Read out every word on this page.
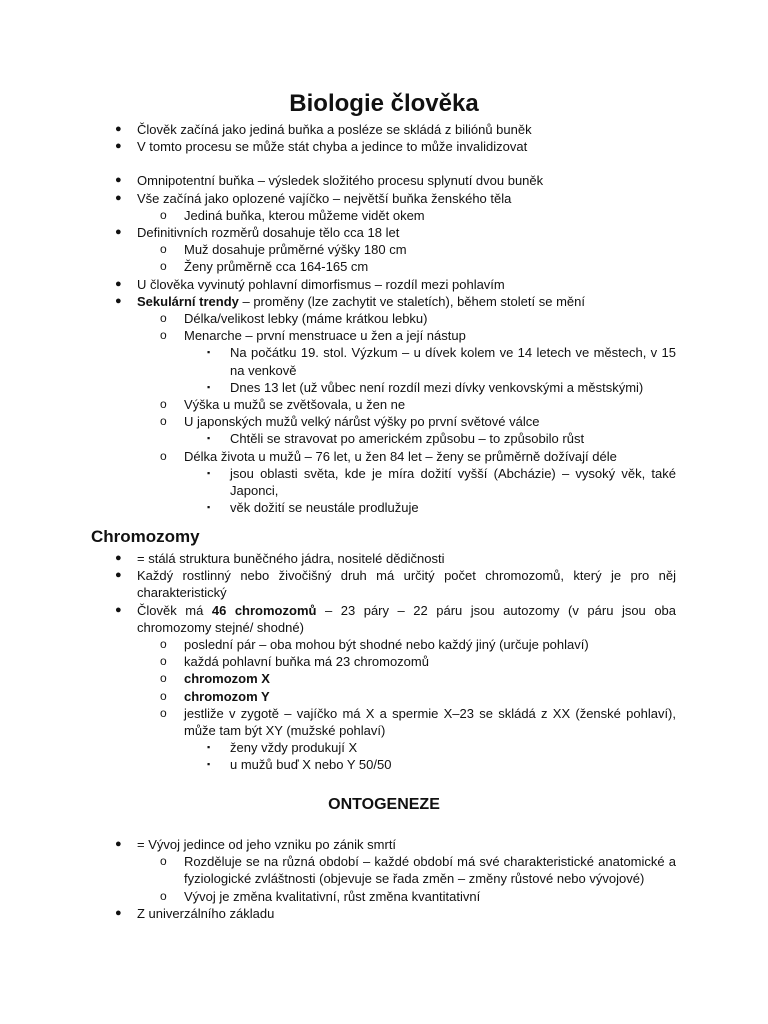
Biologie člověka
● Člověk začíná jako jediná buňka a posléze se skládá z biliónů buněk
● V tomto procesu se může stát chyba a jedince to může invalidizovat
● Omnipotentní buňka – výsledek složitého procesu splynutí dvou buněk
● Vše začíná jako oplozené vajíčko – největší buňka ženského těla
o Jediná buňka, kterou můžeme vidět okem
● Definitivních rozměrů dosahuje tělo cca 18 let
o Muž dosahuje průměrné výšky 180 cm
o Ženy průměrně cca 164-165 cm
● U člověka vyvinutý pohlavní dimorfismus – rozdíl mezi pohlavím
● Sekulární trendy – proměny (lze zachytit ve staletích), během století se mění
o Délka/velikost lebky (máme krátkou lebku)
o Menarche – první menstruace u žen a její nástup
▪ Na počátku 19. stol. Výzkum – u dívek kolem ve 14 letech ve městech, v 15 na venkově
▪ Dnes 13 let (už vůbec není rozdíl mezi dívky venkovskými a městskými)
o Výška u mužů se zvětšovala, u žen ne
o U japonských mužů velký nárůst výšky po první světové válce
▪ Chtěli se stravovat po americkém způsobu – to způsobilo růst
o Délka života u mužů – 76 let, u žen 84 let – ženy se průměrně dožívají déle
▪ jsou oblasti světa, kde je míra dožití vyšší (Abcházie) – vysoký věk, také Japonci,
▪ věk dožití se neustále prodlužuje
Chromozomy
● = stálá struktura buněčného jádra, nositelé dědičnosti
● Každý rostlinný nebo živočišný druh má určitý počet chromozomů, který je pro něj charakteristický
● Člověk má 46 chromozomů – 23 páry – 22 páru jsou autozomy (v páru jsou oba chromozomy stejné/ shodné)
o poslední pár – oba mohou být shodné nebo každý jiný (určuje pohlaví)
o každá pohlavní buňka má 23 chromozomů
o chromozom X
o chromozom Y
o jestliže v zygotě – vajíčko má X a spermie X–23 se skládá z XX (ženské pohlaví), může tam být XY (mužské pohlaví)
▪ ženy vždy produkují X
▪ u mužů buď X nebo Y 50/50
ONTOGENEZE
● = Vývoj jedince od jeho vzniku po zánik smrtí
o Rozděluje se na různá období – každé období má své charakteristické anatomické a fyziologické zvláštnosti (objevuje se řada změn – změny růstové nebo vývojové)
o Vývoj je změna kvalitativní, růst změna kvantitativní
● Z univerzálního základu
